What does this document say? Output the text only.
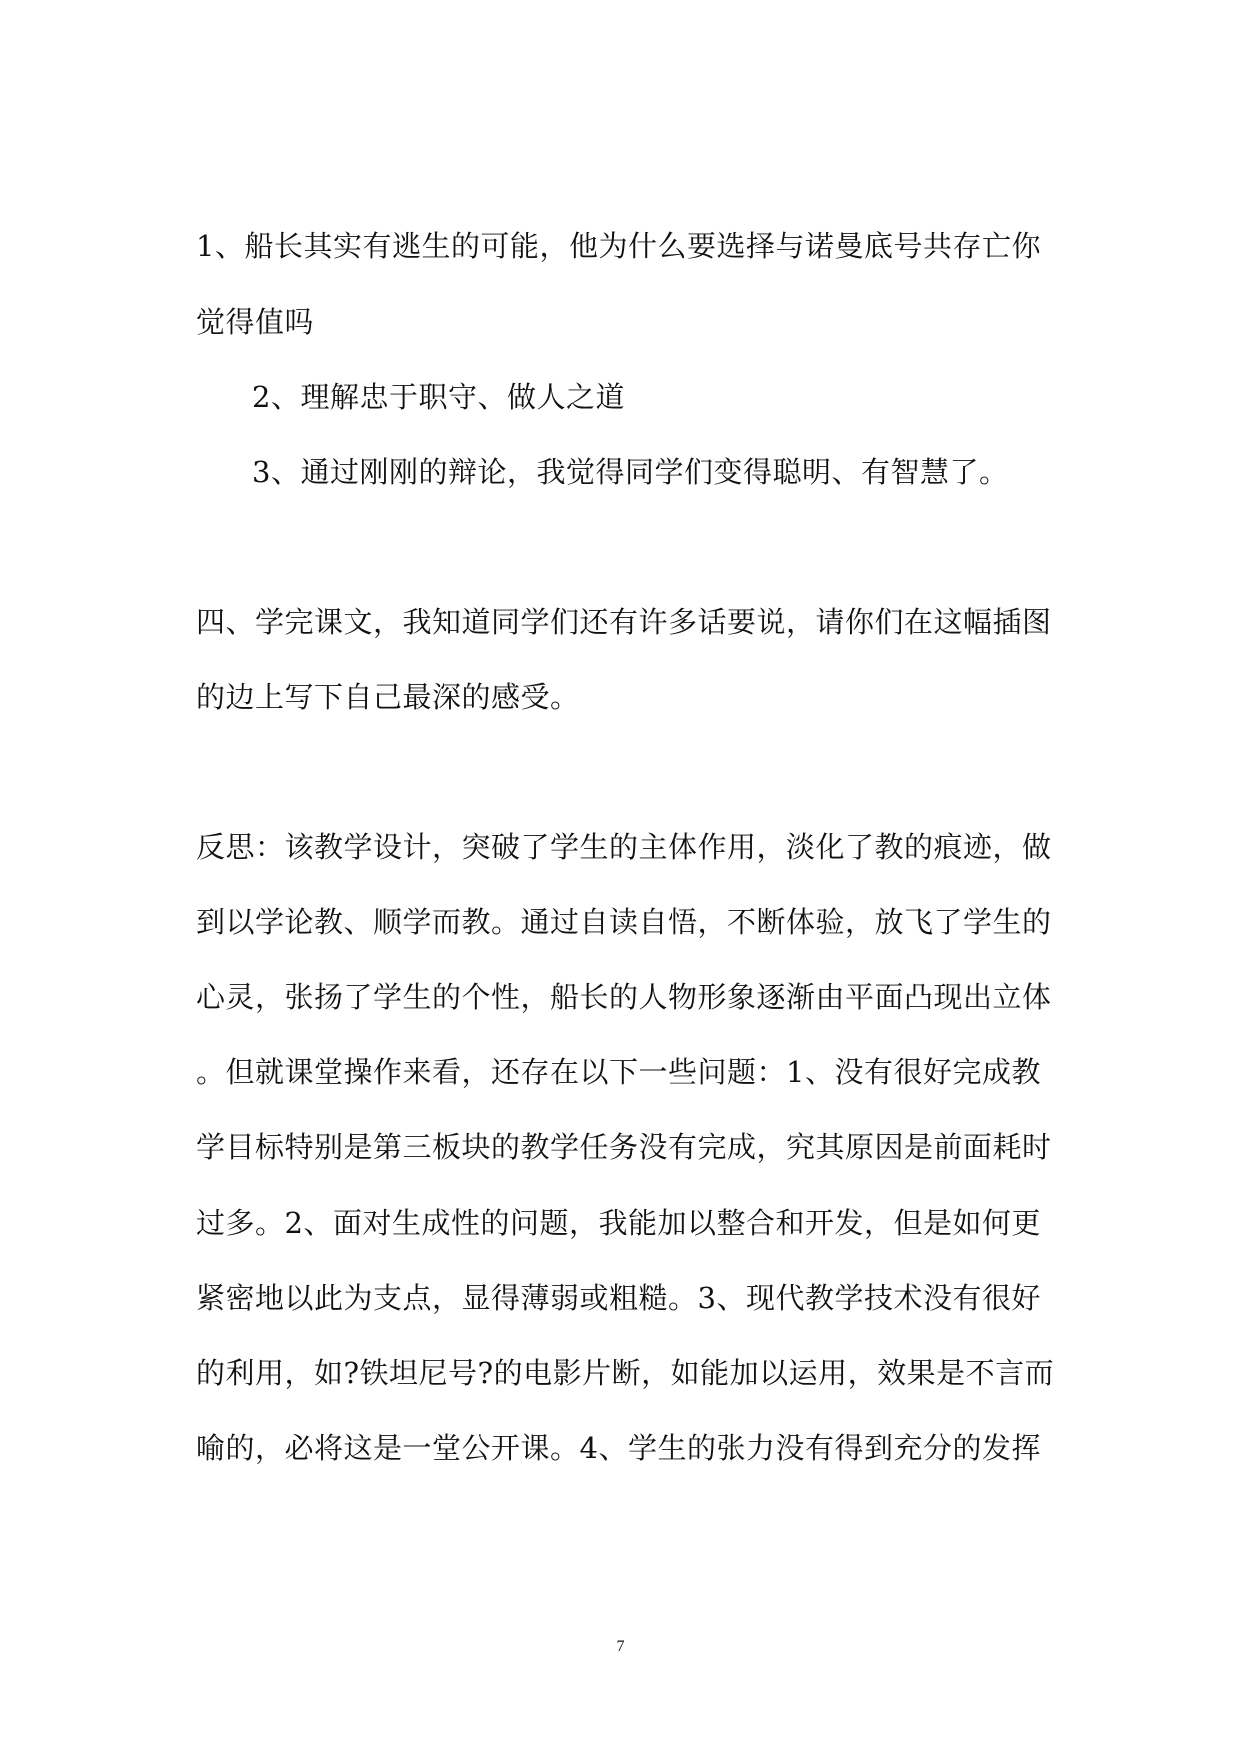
1、船长其实有逃生的可能，他为什么要选择与诺曼底号共存亡你
觉得值吗
2、理解忠于职守、做人之道
3、通过刚刚的辩论，我觉得同学们变得聪明、有智慧了。
四、学完课文，我知道同学们还有许多话要说，请你们在这幅插图
的边上写下自己最深的感受。
反思：该教学设计，突破了学生的主体作用，淡化了教的痕迹，做
到以学论教、顺学而教。通过自读自悟，不断体验，放飞了学生的
心灵，张扬了学生的个性，船长的人物形象逐渐由平面凸现出立体
。但就课堂操作来看，还存在以下一些问题：1、没有很好完成教
学目标特别是第三板块的教学任务没有完成，究其原因是前面耗时
过多。2、面对生成性的问题，我能加以整合和开发，但是如何更
紧密地以此为支点，显得薄弱或粗糙。3、现代教学技术没有很好
的利用，如?铁坦尼号?的电影片断，如能加以运用，效果是不言而
喻的，必将这是一堂公开课。4、学生的张力没有得到充分的发挥
7
